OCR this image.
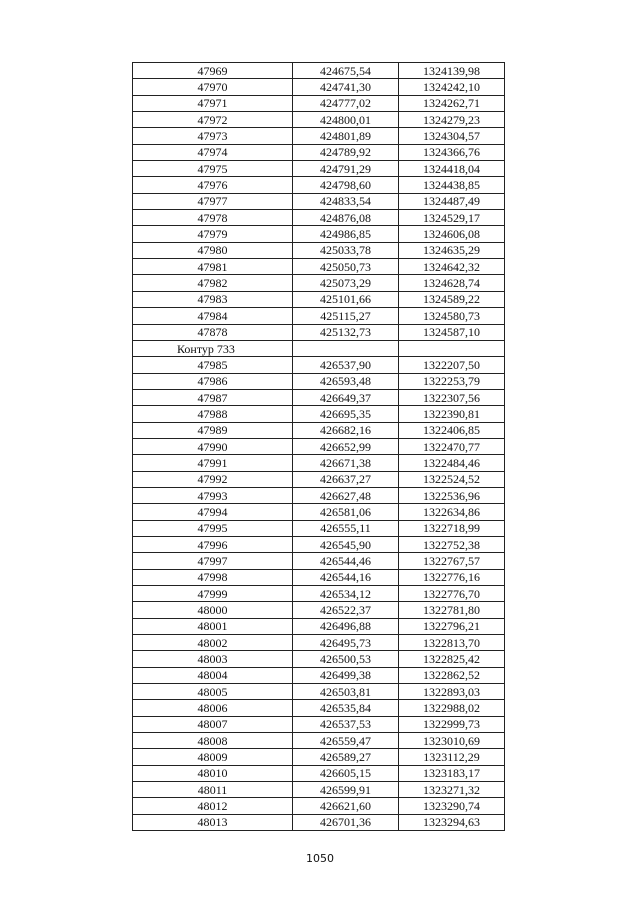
47969	424675,54	1324139,98
47970	424741,30	1324242,10
47971	424777,02	1324262,71
47972	424800,01	1324279,23
47973	424801,89	1324304,57
47974	424789,92	1324366,76
47975	424791,29	1324418,04
47976	424798,60	1324438,85
47977	424833,54	1324487,49
47978	424876,08	1324529,17
47979	424986,85	1324606,08
47980	425033,78	1324635,29
47981	425050,73	1324642,32
47982	425073,29	1324628,74
47983	425101,66	1324589,22
47984	425115,27	1324580,73
47878	425132,73	1324587,10
Контур 733		
47985	426537,90	1322207,50
47986	426593,48	1322253,79
47987	426649,37	1322307,56
47988	426695,35	1322390,81
47989	426682,16	1322406,85
47990	426652,99	1322470,77
47991	426671,38	1322484,46
47992	426637,27	1322524,52
47993	426627,48	1322536,96
47994	426581,06	1322634,86
47995	426555,11	1322718,99
47996	426545,90	1322752,38
47997	426544,46	1322767,57
47998	426544,16	1322776,16
47999	426534,12	1322776,70
48000	426522,37	1322781,80
48001	426496,88	1322796,21
48002	426495,73	1322813,70
48003	426500,53	1322825,42
48004	426499,38	1322862,52
48005	426503,81	1322893,03
48006	426535,84	1322988,02
48007	426537,53	1322999,73
48008	426559,47	1323010,69
48009	426589,27	1323112,29
48010	426605,15	1323183,17
48011	426599,91	1323271,32
48012	426621,60	1323290,74
48013	426701,36	1323294,63
1050
